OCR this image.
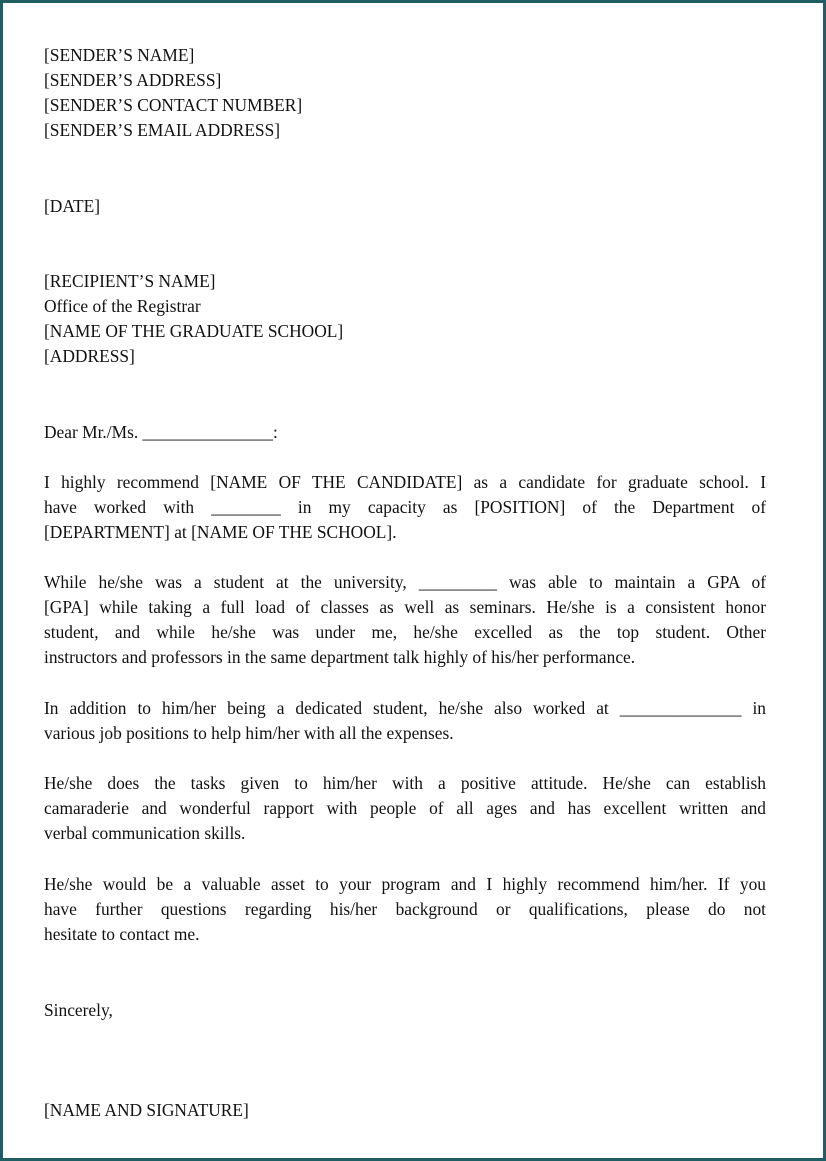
[SENDER’S NAME]
[SENDER’S ADDRESS]
[SENDER’S CONTACT NUMBER]
[SENDER’S EMAIL ADDRESS]
[DATE]
[RECIPIENT’S NAME]
Office of the Registrar
[NAME OF THE GRADUATE SCHOOL]
[ADDRESS]
Dear Mr./Ms. _______________:
I highly recommend [NAME OF THE CANDIDATE] as a candidate for graduate school. I
have worked with ________ in my capacity as [POSITION] of the Department of
[DEPARTMENT] at [NAME OF THE SCHOOL].
While he/she was a student at the university, _________ was able to maintain a GPA of
[GPA] while taking a full load of classes as well as seminars. He/she is a consistent honor
student, and while he/she was under me, he/she excelled as the top student. Other
instructors and professors in the same department talk highly of his/her performance.
In addition to him/her being a dedicated student, he/she also worked at ______________ in
various job positions to help him/her with all the expenses.
He/she does the tasks given to him/her with a positive attitude. He/she can establish
camaraderie and wonderful rapport with people of all ages and has excellent written and
verbal communication skills.
He/she would be a valuable asset to your program and I highly recommend him/her. If you
have further questions regarding his/her background or qualifications, please do not
hesitate to contact me.
Sincerely,
[NAME AND SIGNATURE]
